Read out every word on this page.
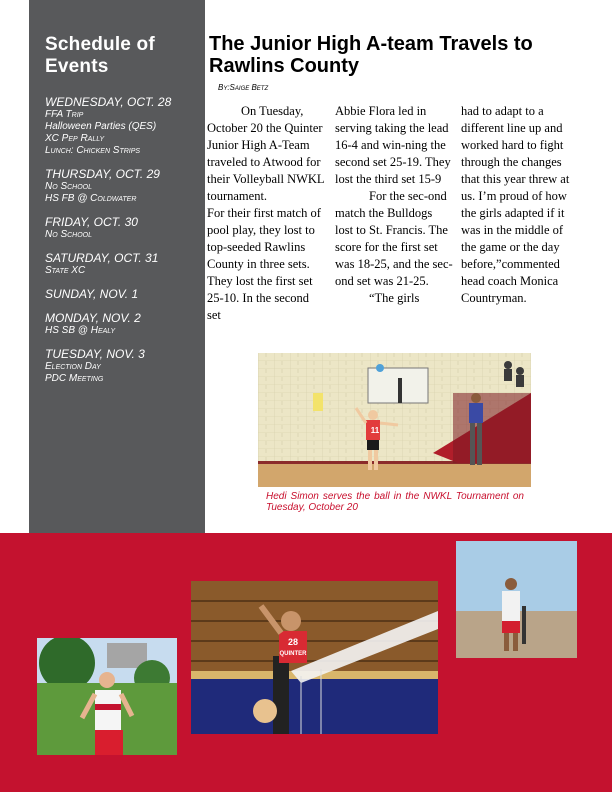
Schedule of Events
WEDNESDAY, OCT. 28
FFA Trip
Halloween Parties (QES)
XC Pep Rally
Lunch: Chicken Strips
THURSDAY, OCT. 29
No School
HS FB @ Coldwater
FRIDAY, OCT. 30
No School
SATURDAY, OCT. 31
State XC
SUNDAY, NOV. 1
MONDAY, NOV. 2
HS SB @ Healy
TUESDAY, NOV. 3
Election Day
PDC Meeting
The Junior High A-team Travels to Rawlins County
By:Saige Betz

On Tuesday, October 20 the Quinter Junior High A-Team traveled to Atwood for their Volleyball NWKL tournament.

For their first match of pool play, they lost to top-seeded Rawlins County in three sets. They lost the first set 25-10. In the second set

Abbie Flora led in serving taking the lead 16-4 and win-ning the second set 25-19. They lost the third set 15-9

For the sec-ond match the Bulldogs lost to St. Francis. The score for the first set was 18-25, and the sec-ond set was 21-25.

“The girls

had to adapt to a different line up and worked hard to fight through the changes that this year threw at us. I’m proud of how the girls adapted if it was in the middle of the game or the day before,”commented head coach Monica Countryman.

11
Hedi Simon serves the ball in the NWKL Tournament on Tuesday, October 20
28
QUINTER
